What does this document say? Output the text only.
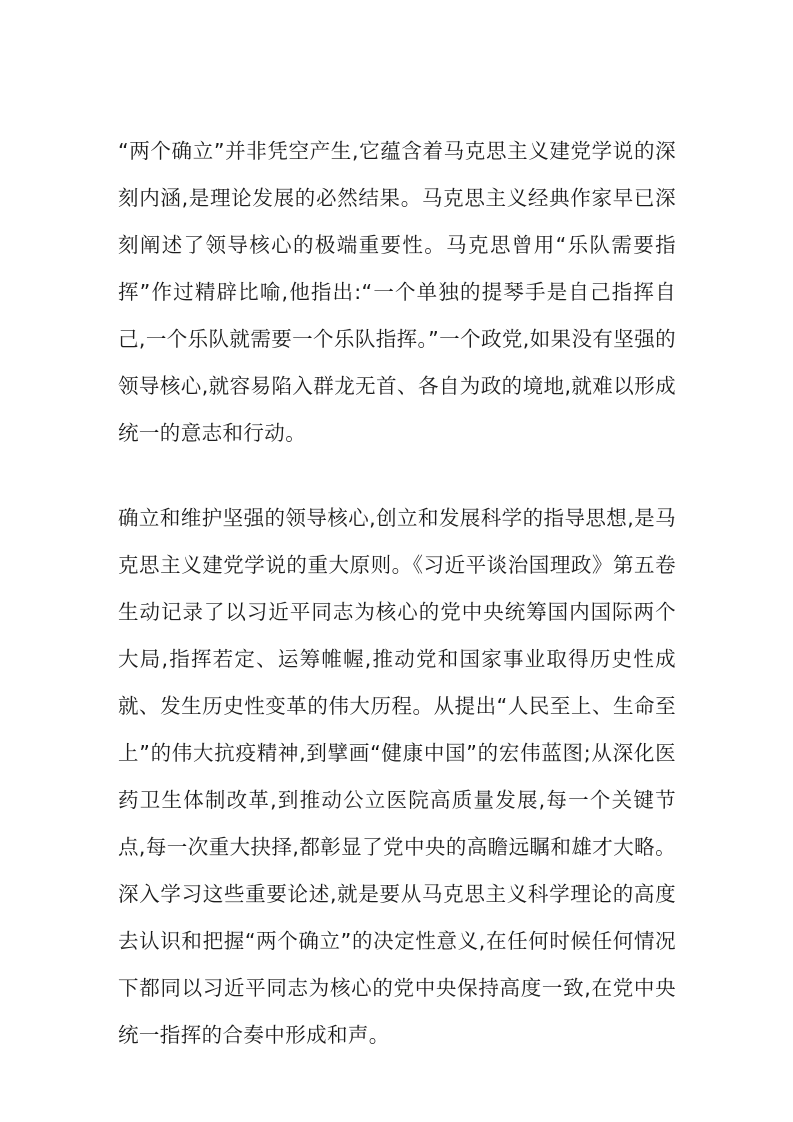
“两个确立”并非凭空产生,它蕴含着马克思主义建党学说的深刻内涵,是理论发展的必然结果。马克思主义经典作家早已深刻阐述了领导核心的极端重要性。马克思曾用“乐队需要指挥”作过精辟比喻,他指出:“一个单独的提琴手是自己指挥自己,一个乐队就需要一个乐队指挥。”一个政党,如果没有坚强的领导核心,就容易陷入群龙无首、各自为政的境地,就难以形成统一的意志和行动。

确立和维护坚强的领导核心,创立和发展科学的指导思想,是马克思主义建党学说的重大原则。《习近平谈治国理政》第五卷生动记录了以习近平同志为核心的党中央统筹国内国际两个大局,指挥若定、运筹帷幄,推动党和国家事业取得历史性成就、发生历史性变革的伟大历程。从提出“人民至上、生命至上”的伟大抗疫精神,到擘画“健康中国”的宏伟蓝图;从深化医药卫生体制改革,到推动公立医院高质量发展,每一个关键节点,每一次重大抉择,都彰显了党中央的高瞻远瞩和雄才大略。深入学习这些重要论述,就是要从马克思主义科学理论的高度去认识和把握“两个确立”的决定性意义,在任何时候任何情况下都同以习近平同志为核心的党中央保持高度一致,在党中央统一指挥的合奏中形成和声。
